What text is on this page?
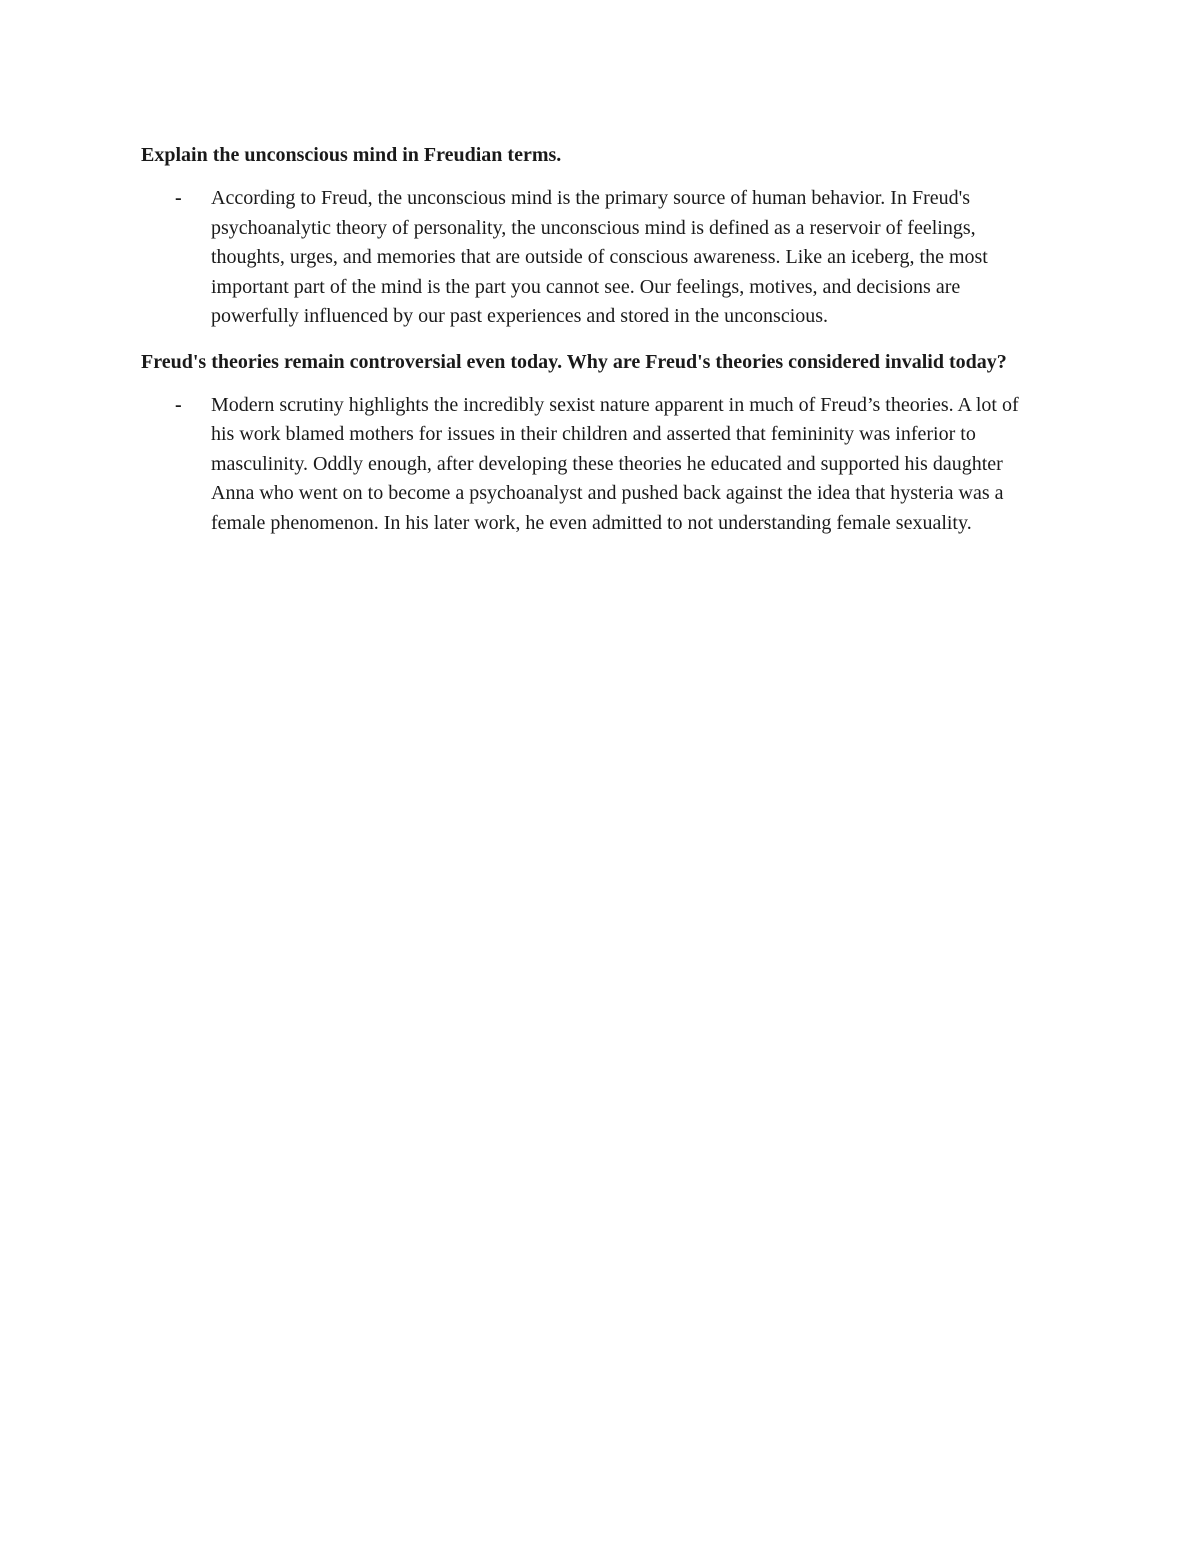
Explain the unconscious mind in Freudian terms.

- According to Freud, the unconscious mind is the primary source of human behavior. In Freud's psychoanalytic theory of personality, the unconscious mind is defined as a reservoir of feelings, thoughts, urges, and memories that are outside of conscious awareness. Like an iceberg, the most important part of the mind is the part you cannot see. Our feelings, motives, and decisions are powerfully influenced by our past experiences and stored in the unconscious.

Freud's theories remain controversial even today. Why are Freud's theories considered invalid today?

- Modern scrutiny highlights the incredibly sexist nature apparent in much of Freud’s theories. A lot of his work blamed mothers for issues in their children and asserted that femininity was inferior to masculinity. Oddly enough, after developing these theories he educated and supported his daughter Anna who went on to become a psychoanalyst and pushed back against the idea that hysteria was a female phenomenon. In his later work, he even admitted to not understanding female sexuality.
